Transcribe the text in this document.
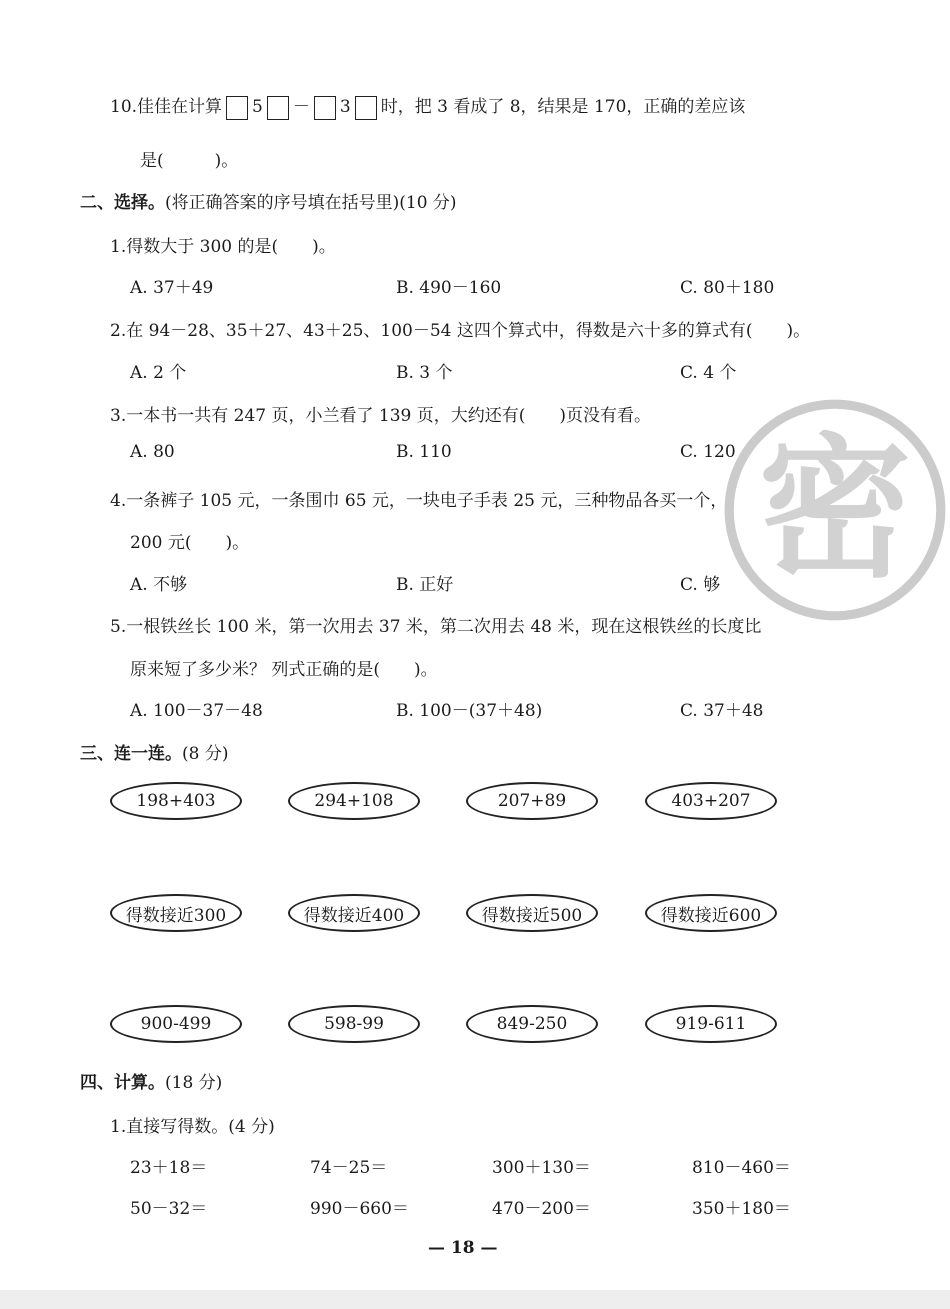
10.佳佳在计算 5 － 3 时，把 3 看成了 8，结果是 170，正确的差应该
是(　　　)。
二、选择。(将正确答案的序号填在括号里)(10 分)
1.得数大于 300 的是(　　)。
A. 37＋49	B. 490－160	C. 80＋180
2.在 94－28、35＋27、43＋25、100－54 这四个算式中，得数是六十多的算式有(　　)。
A. 2 个	B. 3 个	C. 4 个
3.一本书一共有 247 页，小兰看了 139 页，大约还有(　　)页没有看。
A. 80	B. 110	C. 120
4.一条裤子 105 元，一条围巾 65 元，一块电子手表 25 元，三种物品各买一个，
200 元(　　)。
A. 不够	B. 正好	C. 够
5.一根铁丝长 100 米，第一次用去 37 米，第二次用去 48 米，现在这根铁丝的长度比
原来短了多少米？ 列式正确的是(　　)。
A. 100－37－48	B. 100－(37＋48)	C. 37＋48
三、连一连。(8 分)
198+403	294+108	207+89	403+207
得数接近300	得数接近400	得数接近500	得数接近600
900-499	598-99	849-250	919-611
四、计算。(18 分)
1.直接写得数。(4 分)
23＋18＝	74－25＝	300＋130＝	810－460＝
50－32＝	990－660＝	470－200＝	350＋180＝
— 18 —
密
